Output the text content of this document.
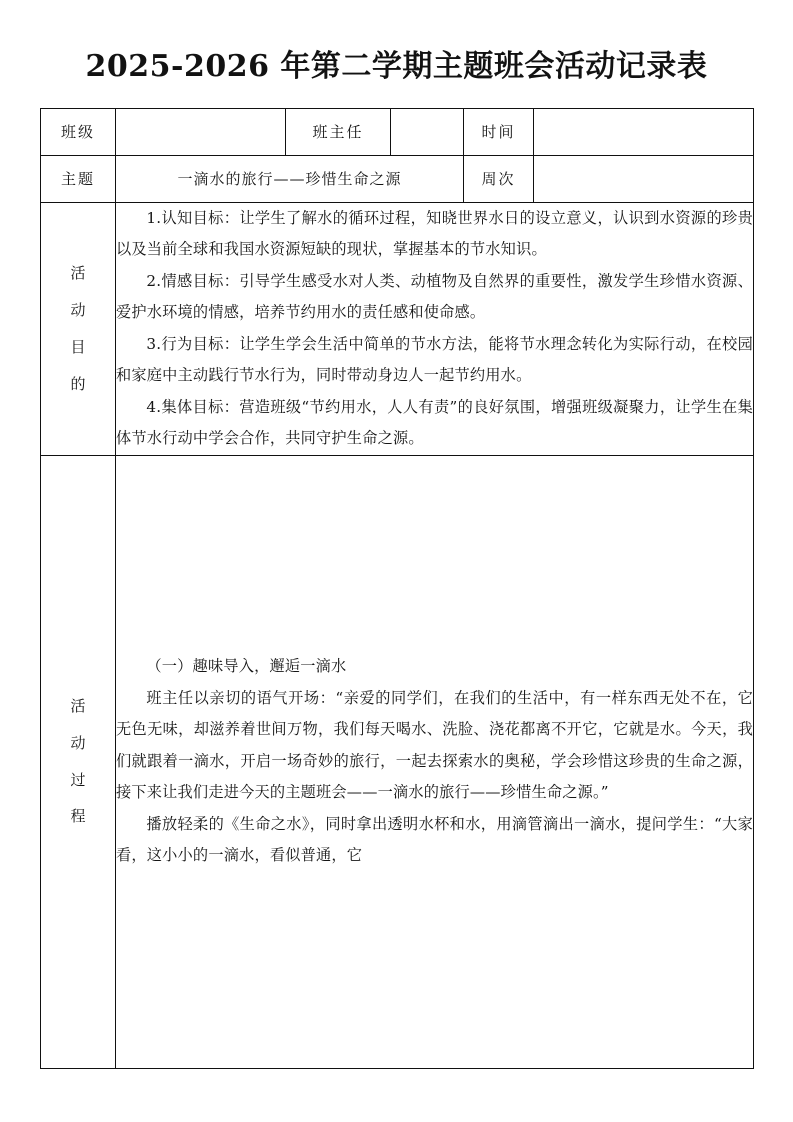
2025-2026 年第二学期主题班会活动记录表
班级		班主任		时间	
主题	一滴水的旅行——珍惜生命之源			周次	

活
动
目
的

1.认知目标：让学生了解水的循环过程，知晓世界水日的设立意义，认识到水资源的珍贵以及当前全球和我国水资源短缺的现状，掌握基本的节水知识。

2.情感目标：引导学生感受水对人类、动植物及自然界的重要性，激发学生珍惜水资源、爱护水环境的情感，培养节约用水的责任感和使命感。

3.行为目标：让学生学会生活中简单的节水方法，能将节水理念转化为实际行动，在校园和家庭中主动践行节水行为，同时带动身边人一起节约用水。

4.集体目标：营造班级“节约用水，人人有责”的良好氛围，增强班级凝聚力，让学生在集体节水行动中学会合作，共同守护生命之源。

活
动
过
程

（一）趣味导入，邂逅一滴水

班主任以亲切的语气开场：“亲爱的同学们，在我们的生活中，有一样东西无处不在，它无色无味，却滋养着世间万物，我们每天喝水、洗脸、浇花都离不开它，它就是水。今天，我们就跟着一滴水，开启一场奇妙的旅行，一起去探索水的奥秘，学会珍惜这珍贵的生命之源，接下来让我们走进今天的主题班会——一滴水的旅行——珍惜生命之源。”

播放轻柔的《生命之水》，同时拿出透明水杯和水，用滴管滴出一滴水，提问学生：“大家看，这小小的一滴水，看似普通，它
